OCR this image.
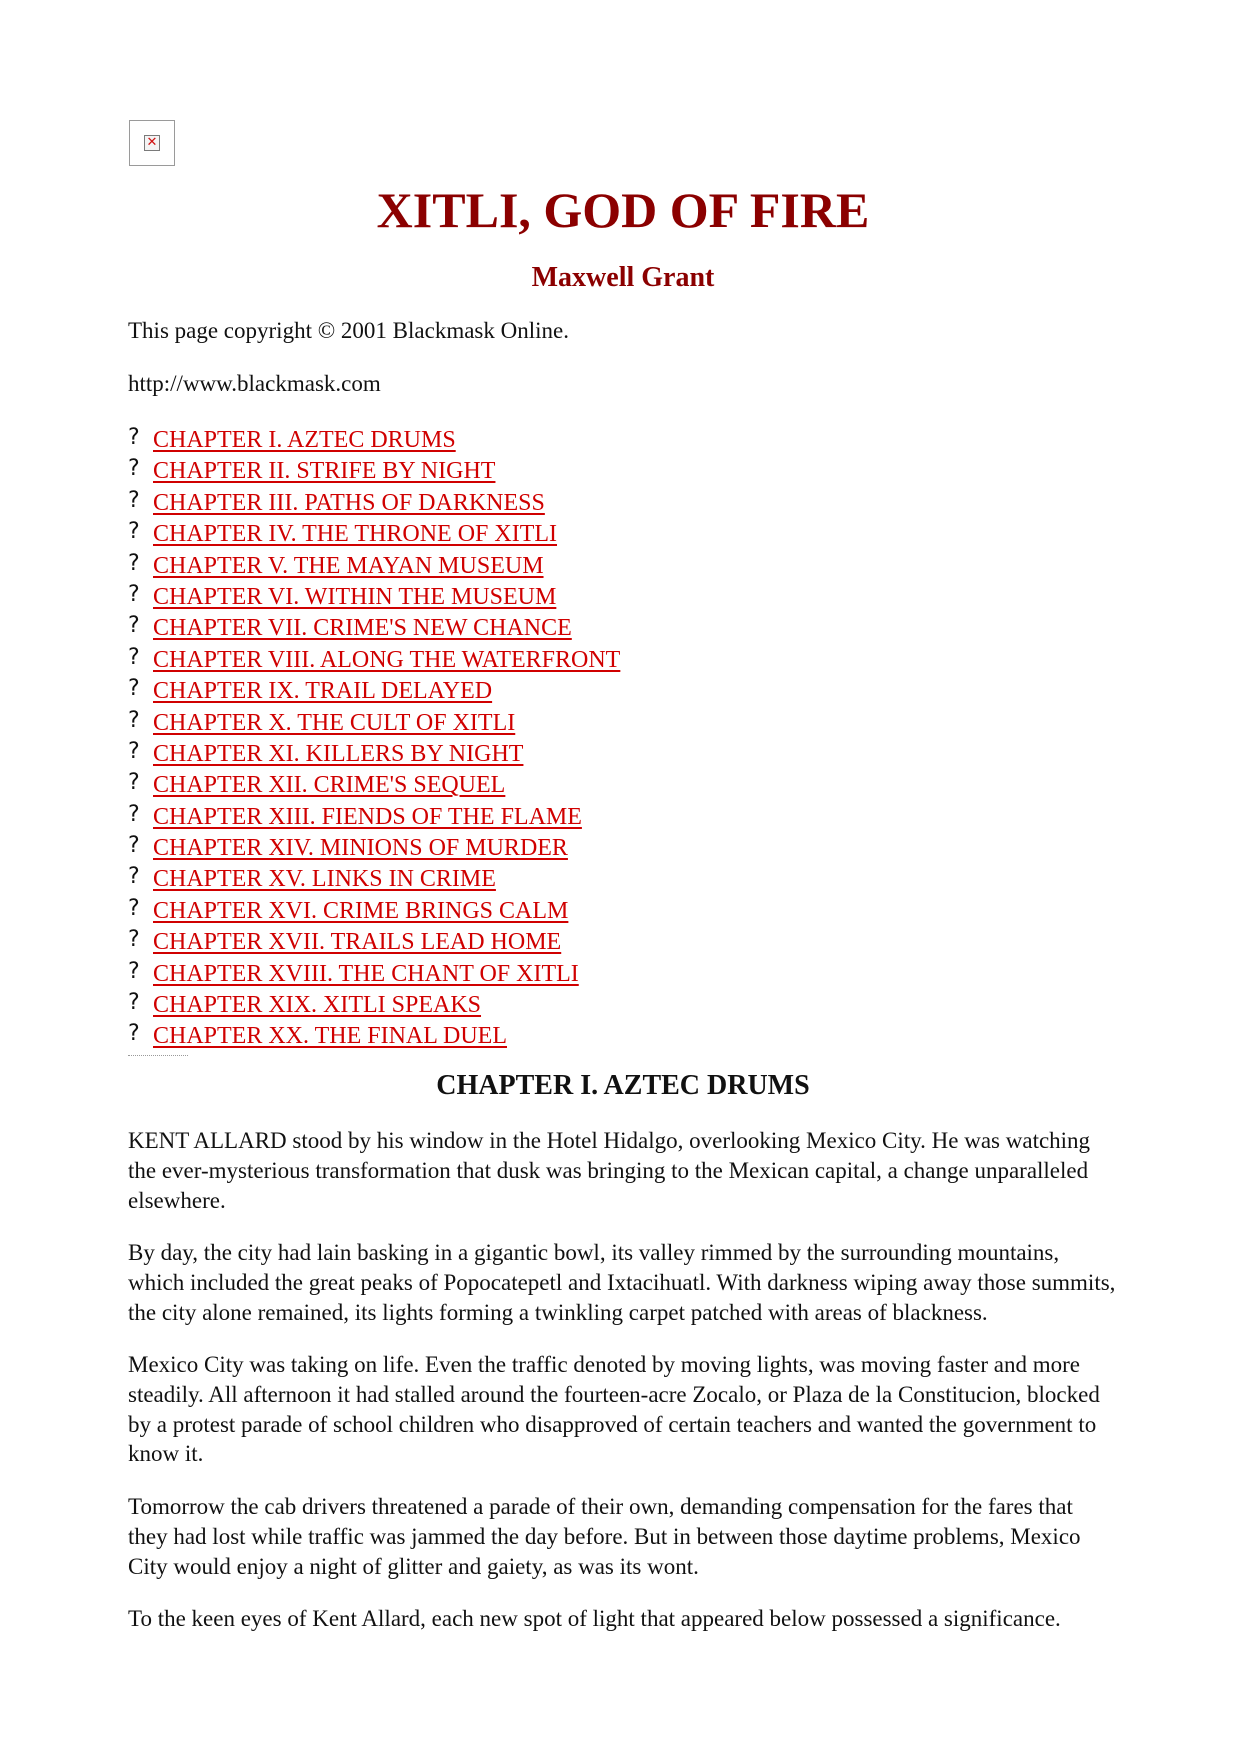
✕
XITLI, GOD OF FIRE
Maxwell Grant

This page copyright © 2001 Blackmask Online.

http://www.blackmask.com

? CHAPTER I. AZTEC DRUMS
? CHAPTER II. STRIFE BY NIGHT
? CHAPTER III. PATHS OF DARKNESS
? CHAPTER IV. THE THRONE OF XITLI
? CHAPTER V. THE MAYAN MUSEUM
? CHAPTER VI. WITHIN THE MUSEUM
? CHAPTER VII. CRIME'S NEW CHANCE
? CHAPTER VIII. ALONG THE WATERFRONT
? CHAPTER IX. TRAIL DELAYED
? CHAPTER X. THE CULT OF XITLI
? CHAPTER XI. KILLERS BY NIGHT
? CHAPTER XII. CRIME'S SEQUEL
? CHAPTER XIII. FIENDS OF THE FLAME
? CHAPTER XIV. MINIONS OF MURDER
? CHAPTER XV. LINKS IN CRIME
? CHAPTER XVI. CRIME BRINGS CALM
? CHAPTER XVII. TRAILS LEAD HOME
? CHAPTER XVIII. THE CHANT OF XITLI
? CHAPTER XIX. XITLI SPEAKS
? CHAPTER XX. THE FINAL DUEL
CHAPTER I. AZTEC DRUMS

KENT ALLARD stood by his window in the Hotel Hidalgo, overlooking Mexico City. He was watching the ever-mysterious transformation that dusk was bringing to the Mexican capital, a change unparalleled elsewhere.

By day, the city had lain basking in a gigantic bowl, its valley rimmed by the surrounding mountains, which included the great peaks of Popocatepetl and Ixtacihuatl. With darkness wiping away those summits, the city alone remained, its lights forming a twinkling carpet patched with areas of blackness.

Mexico City was taking on life. Even the traffic denoted by moving lights, was moving faster and more steadily. All afternoon it had stalled around the fourteen-acre Zocalo, or Plaza de la Constitucion, blocked by a protest parade of school children who disapproved of certain teachers and wanted the government to know it.

Tomorrow the cab drivers threatened a parade of their own, demanding compensation for the fares that they had lost while traffic was jammed the day before. But in between those daytime problems, Mexico City would enjoy a night of glitter and gaiety, as was its wont.

To the keen eyes of Kent Allard, each new spot of light that appeared below possessed a significance.
